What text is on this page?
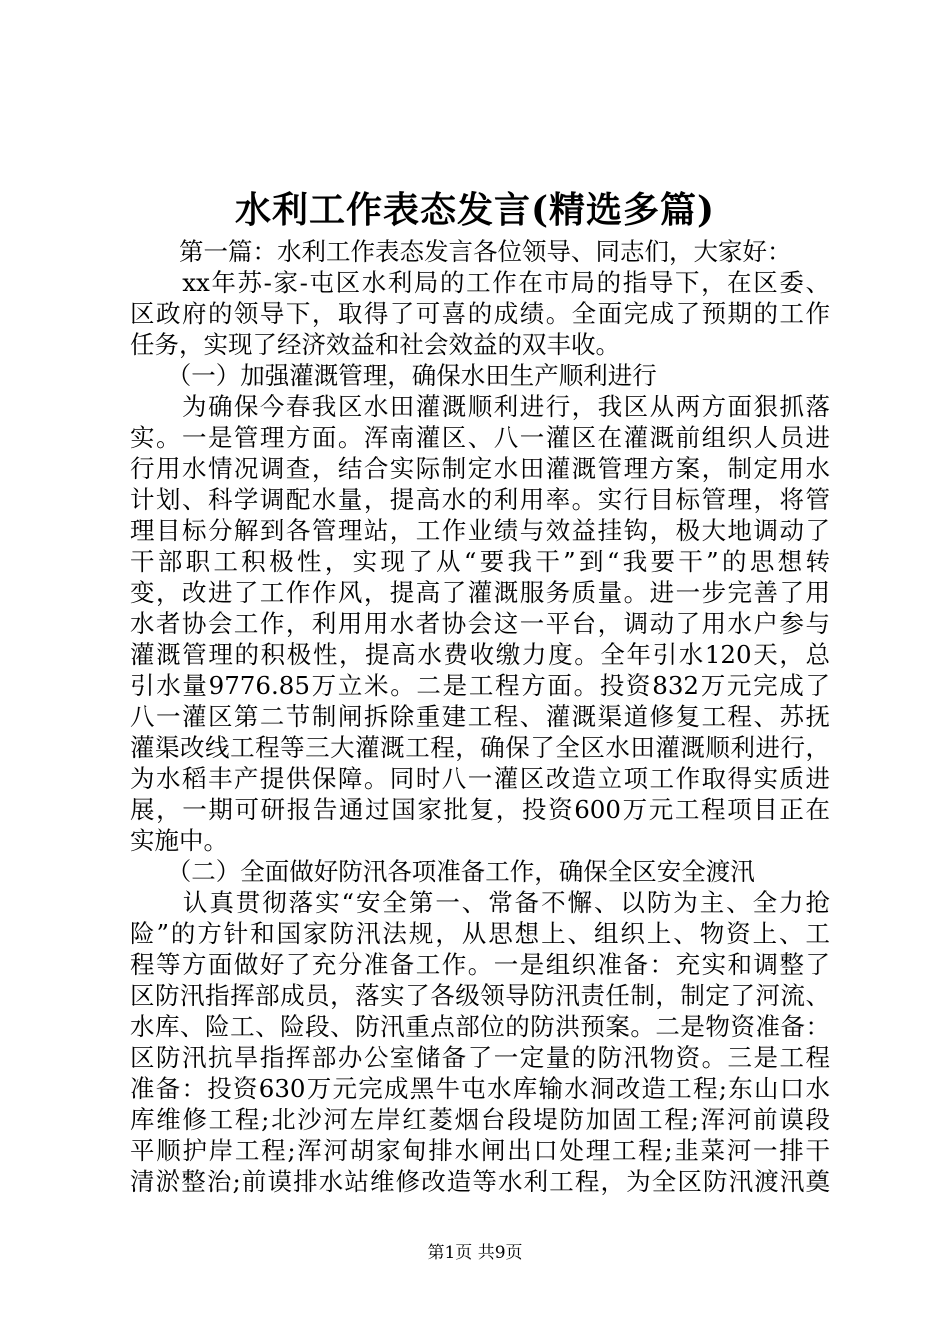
水利工作表态发言(精选多篇)
　　第一篇：水利工作表态发言各位领导、同志们，大家好：
　　xx年苏-家-屯区水利局的工作在市局的指导下，在区委、
区政府的领导下，取得了可喜的成绩。全面完成了预期的工作
任务，实现了经济效益和社会效益的双丰收。
　　（一）加强灌溉管理，确保水田生产顺利进行
　　为确保今春我区水田灌溉顺利进行，我区从两方面狠抓落
实。一是管理方面。浑南灌区、八一灌区在灌溉前组织人员进
行用水情况调查，结合实际制定水田灌溉管理方案，制定用水
计划、科学调配水量，提高水的利用率。实行目标管理，将管
理目标分解到各管理站，工作业绩与效益挂钩，极大地调动了
干部职工积极性，实现了从“要我干”到“我要干”的思想转
变，改进了工作作风，提高了灌溉服务质量。进一步完善了用
水者协会工作，利用用水者协会这一平台，调动了用水户参与
灌溉管理的积极性，提高水费收缴力度。全年引水120天，总
引水量9776.85万立米。二是工程方面。投资832万元完成了
八一灌区第二节制闸拆除重建工程、灌溉渠道修复工程、苏抚
灌渠改线工程等三大灌溉工程，确保了全区水田灌溉顺利进行，
为水稻丰产提供保障。同时八一灌区改造立项工作取得实质进
展，一期可研报告通过国家批复，投资600万元工程项目正在
实施中。
　　（二）全面做好防汛各项准备工作，确保全区安全渡汛
　　认真贯彻落实“安全第一、常备不懈、以防为主、全力抢
险”的方针和国家防汛法规，从思想上、组织上、物资上、工
程等方面做好了充分准备工作。一是组织准备：充实和调整了
区防汛指挥部成员，落实了各级领导防汛责任制，制定了河流、
水库、险工、险段、防汛重点部位的防洪预案。二是物资准备：
区防汛抗旱指挥部办公室储备了一定量的防汛物资。三是工程
准备：投资630万元完成黑牛屯水库输水洞改造工程;东山口水
库维修工程;北沙河左岸红菱烟台段堤防加固工程;浑河前谟段
平顺护岸工程;浑河胡家甸排水闸出口处理工程;韭菜河一排干
清淤整治;前谟排水站维修改造等水利工程，为全区防汛渡汛奠
第1页 共9页
